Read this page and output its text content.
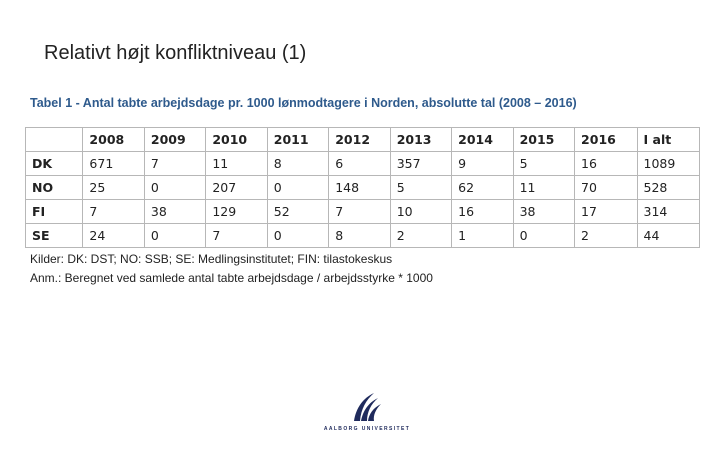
Relativt højt konfliktniveau (1)
Tabel 1 - Antal tabte arbejdsdage pr. 1000 lønmodtagere i Norden, absolutte tal (2008 – 2016)
	2008	2009	2010	2011	2012	2013	2014	2015	2016	I alt
DK	671	7	11	8	6	357	9	5	16	1089
NO	25	0	207	0	148	5	62	11	70	528
FI	7	38	129	52	7	10	16	38	17	314
SE	24	0	7	0	8	2	1	0	2	44
Kilder: DK: DST; NO: SSB; SE: Medlingsinstitutet; FIN: tilastokeskus
Anm.: Beregnet ved samlede antal tabte arbejdsdage / arbejdsstyrke * 1000
AALBORG UNIVERSITET
